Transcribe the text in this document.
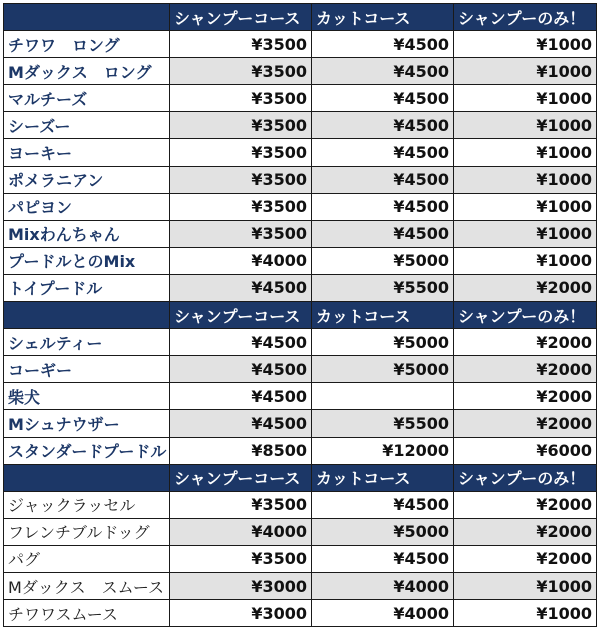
	シャンプーコース	カットコース	シャンプーのみ！
チワワ　ロング	¥3500	¥4500	¥1000
Mダックス　ロング	¥3500	¥4500	¥1000
マルチーズ	¥3500	¥4500	¥1000
シーズー	¥3500	¥4500	¥1000
ヨーキー	¥3500	¥4500	¥1000
ポメラニアン	¥3500	¥4500	¥1000
パピヨン	¥3500	¥4500	¥1000
Mixわんちゃん	¥3500	¥4500	¥1000
プードルとのMix	¥4000	¥5000	¥1000
トイプードル	¥4500	¥5500	¥2000
	シャンプーコース	カットコース	シャンプーのみ！
シェルティー	¥4500	¥5000	¥2000
コーギー	¥4500	¥5000	¥2000
柴犬	¥4500		¥2000
Mシュナウザー	¥4500	¥5500	¥2000
スタンダードプードル	¥8500	¥12000	¥6000
	シャンプーコース	カットコース	シャンプーのみ！
ジャックラッセル	¥3500	¥4500	¥2000
フレンチブルドッグ	¥4000	¥5000	¥2000
パグ	¥3500	¥4500	¥2000
Mダックス　スムース	¥3000	¥4000	¥1000
チワワスムース	¥3000	¥4000	¥1000
